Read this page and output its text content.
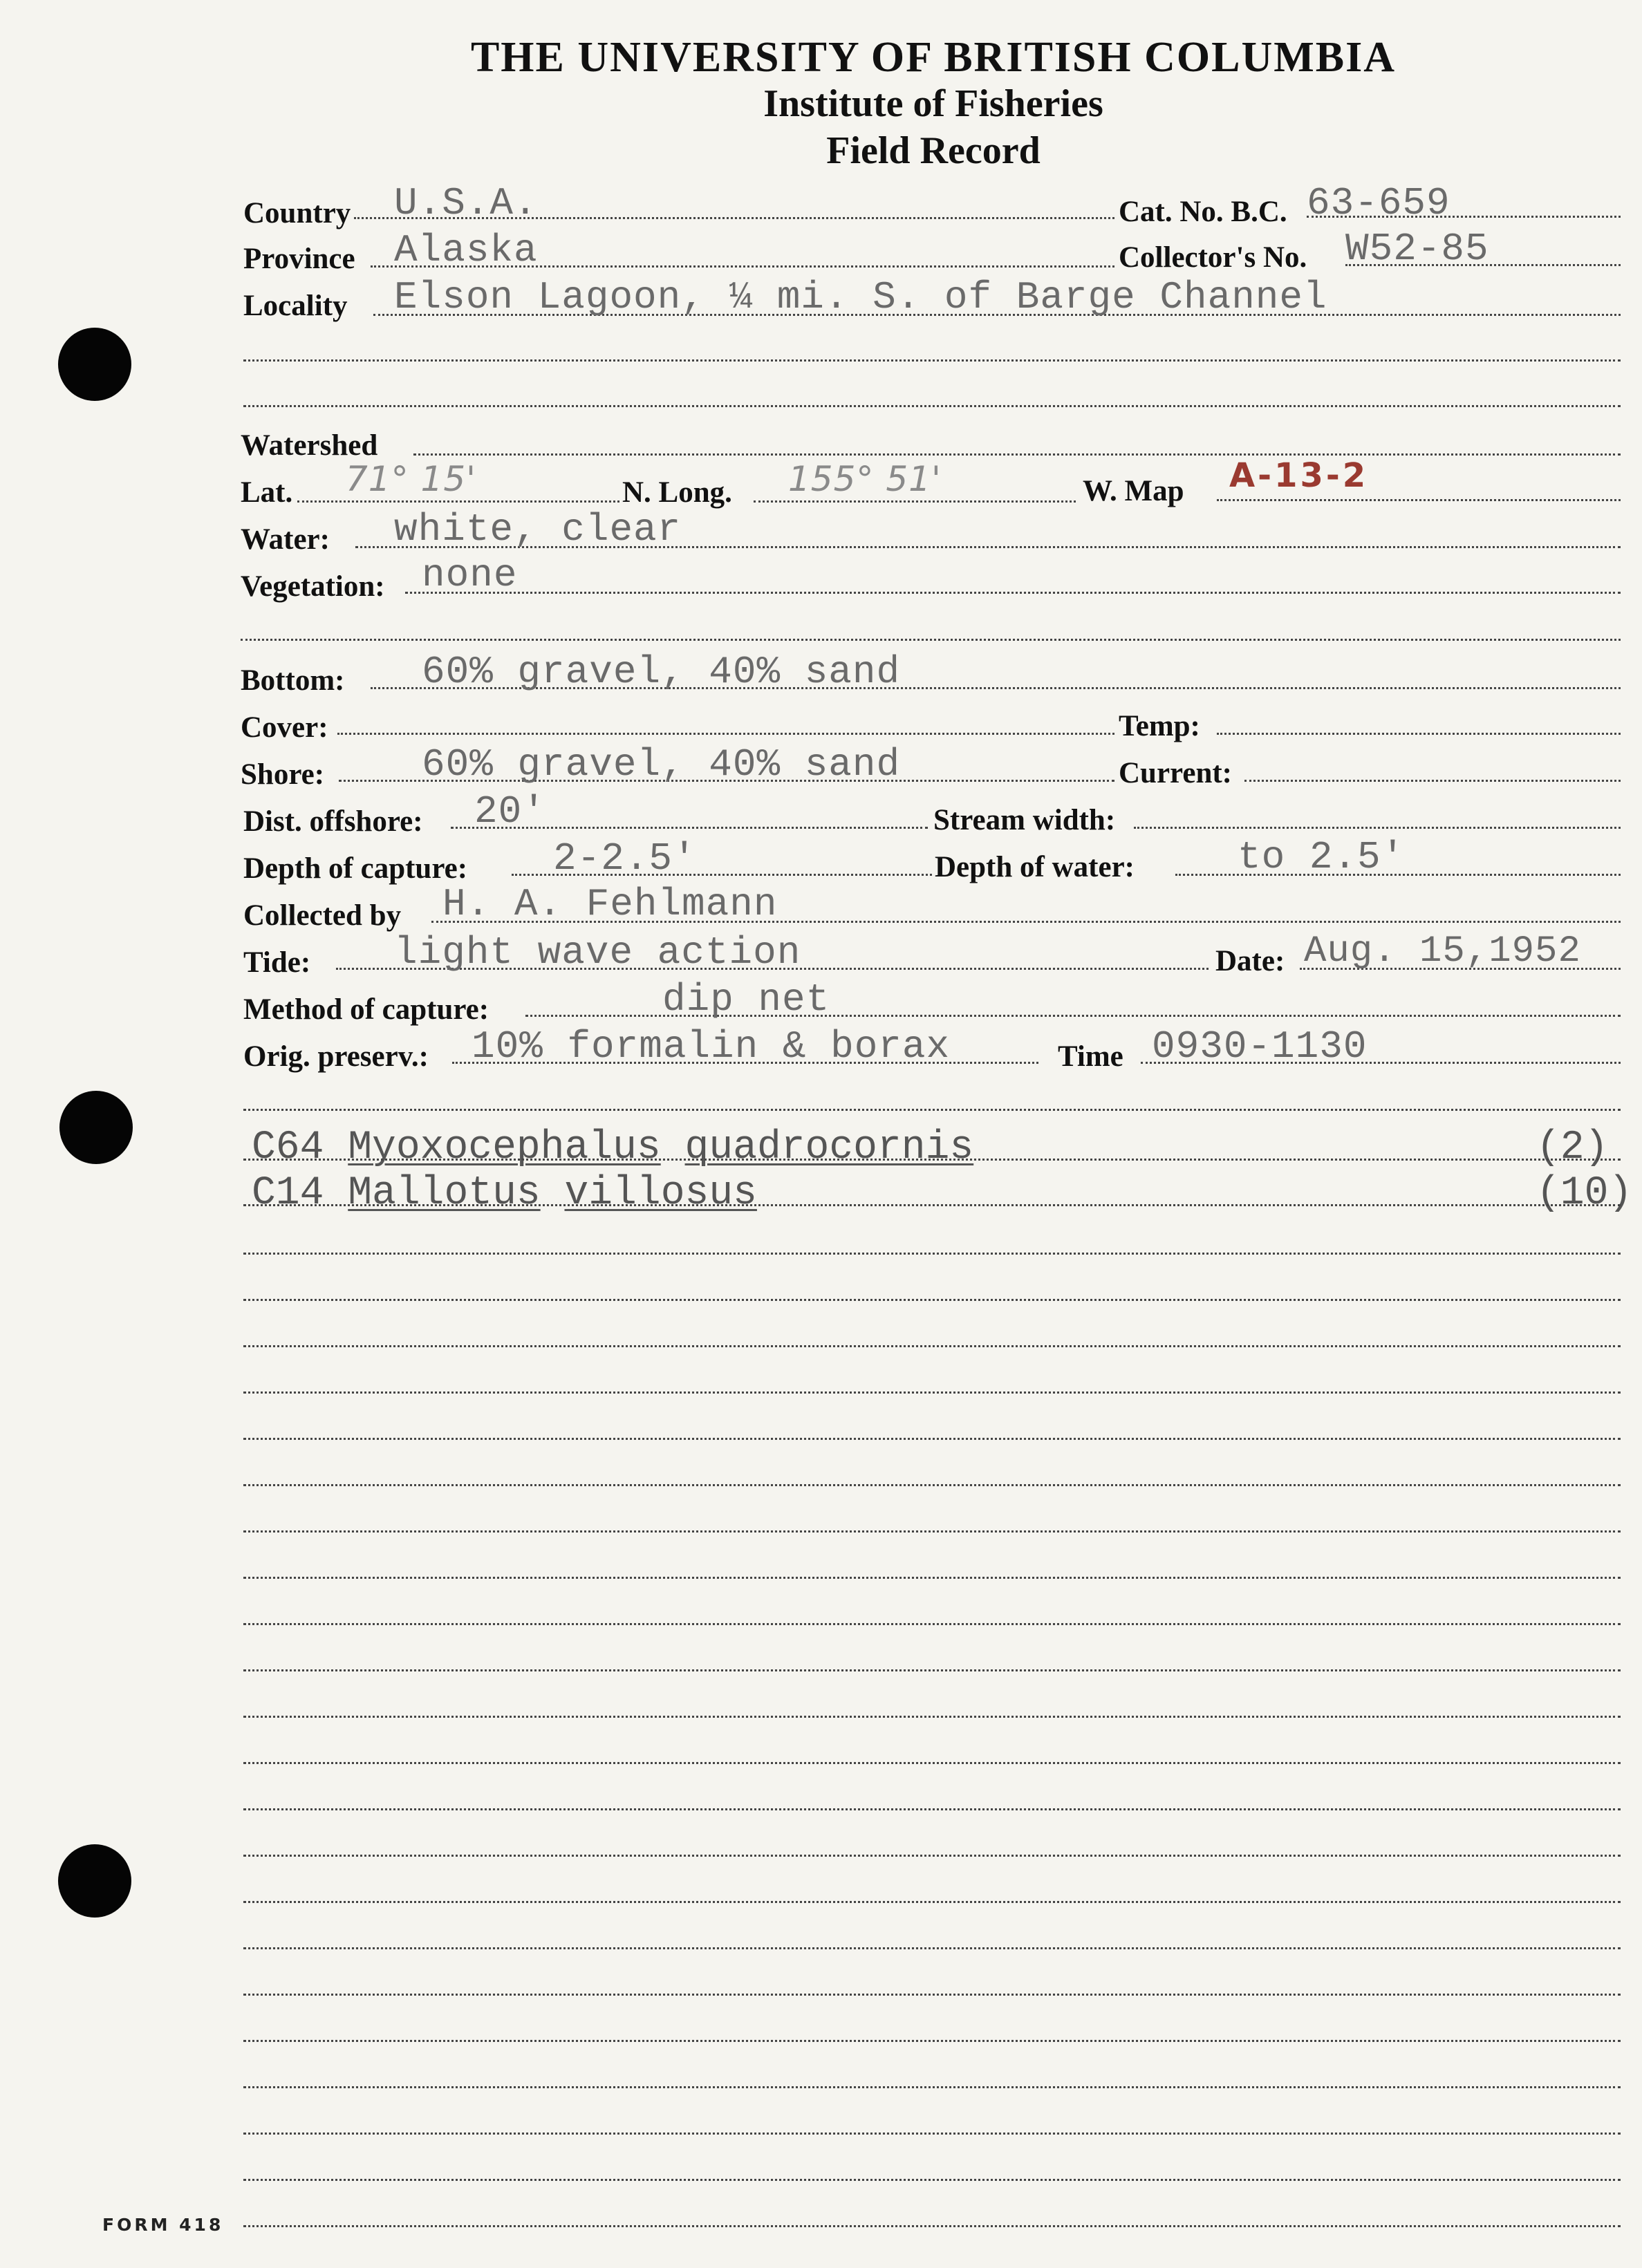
THE UNIVERSITY OF BRITISH COLUMBIA
Institute of Fisheries
Field Record
Country U.S.A.	Cat. No. B.C. 63-659
Province Alaska	Collector's No. W52-85
Locality Elson Lagoon, ¼ mi. S. of Barge Channel
Watershed
Lat. 71° 15'	N. Long. 155° 51'	W. Map A-13-2
Water: white, clear
Vegetation: none
Bottom: 60% gravel, 40% sand
Cover:	Temp:
Shore:	60% gravel, 40% sand	Current:
Dist. offshore: 20'	Stream width:
Depth of capture: 2-2.5'	Depth of water:	to 2.5'
Collected by H. A. Fehlmann
Tide: light wave action	Date: Aug. 15,1952
Method of capture:	dip net
Orig. preserv.: 10% formalin & borax	Time 0930-1130
C64 Myoxocephalus quadrocornis	(2)
C14 Mallotus villosus	(10)
FORM 418
